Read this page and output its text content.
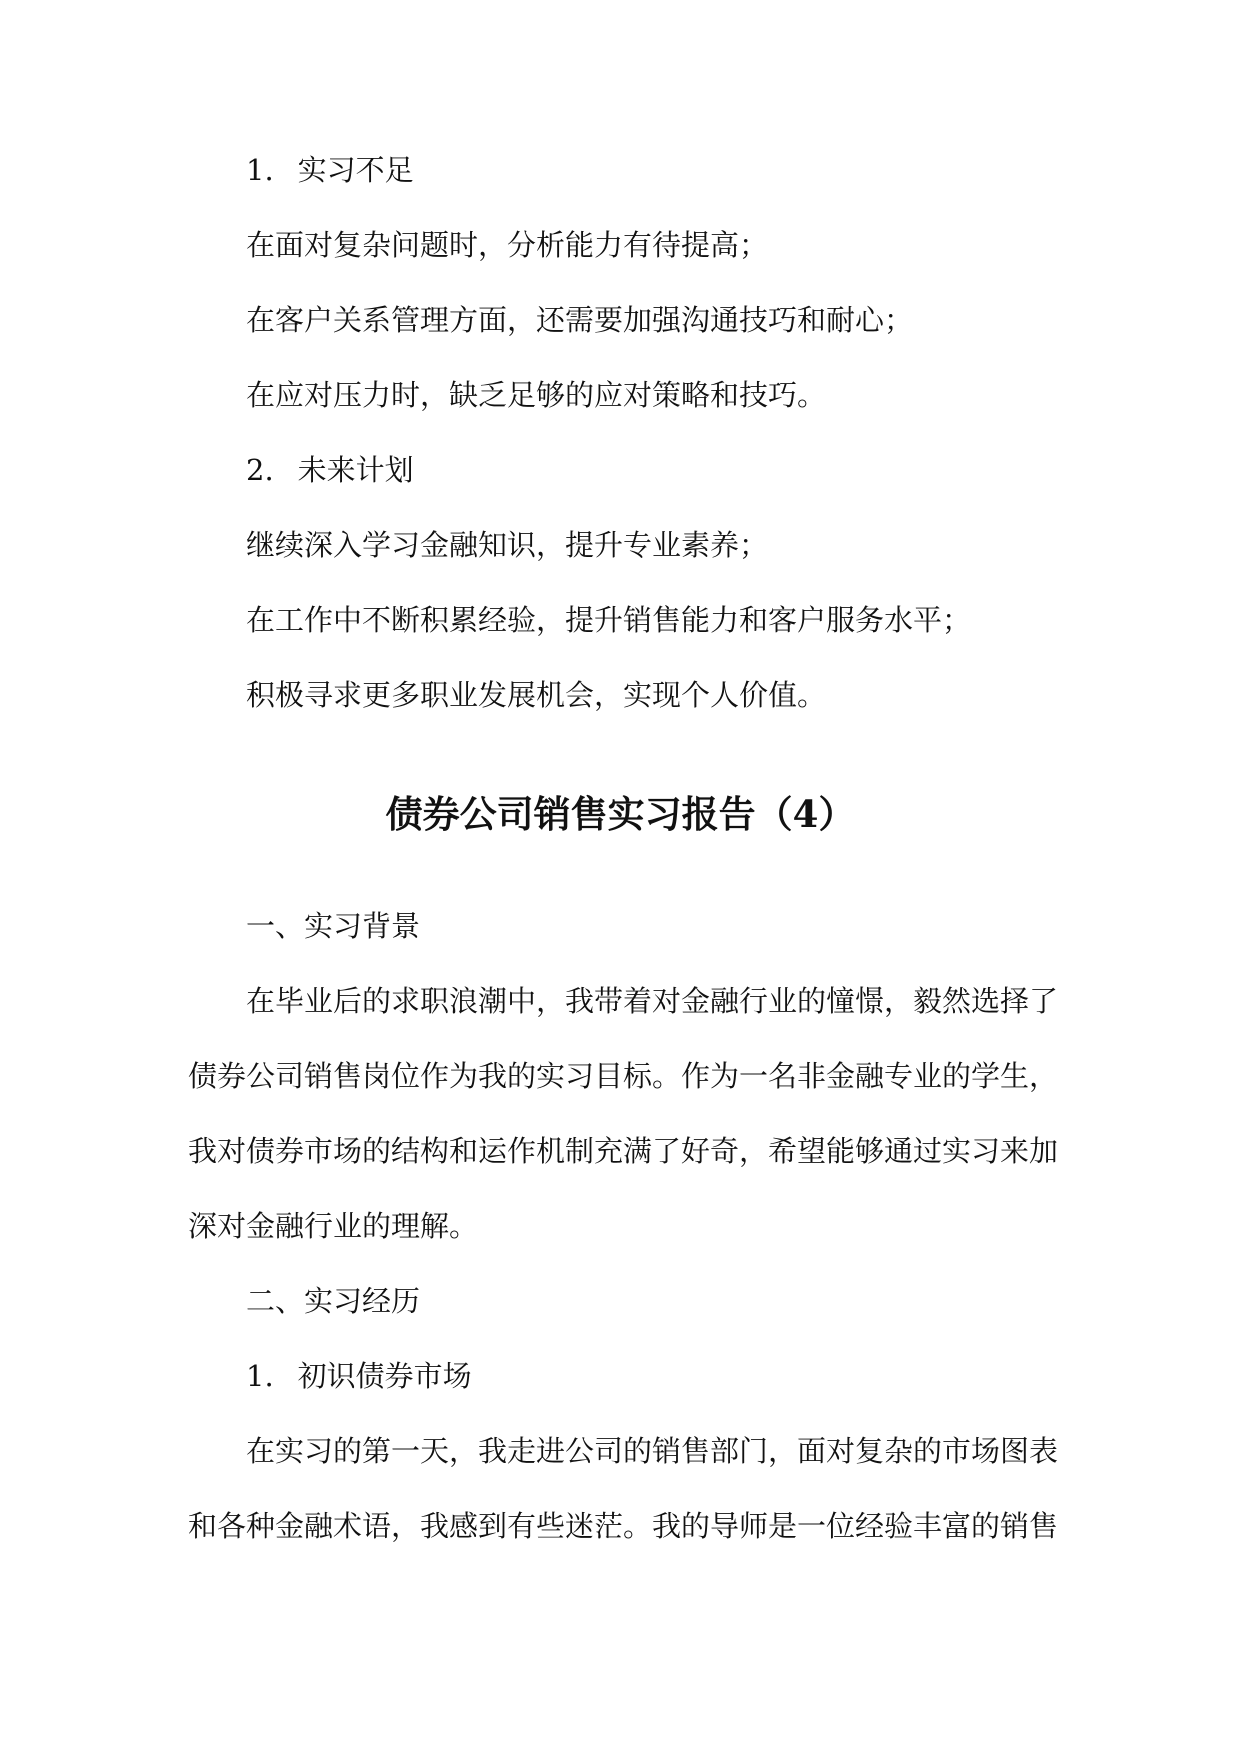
1. 实习不足
在面对复杂问题时，分析能力有待提高；
在客户关系管理方面，还需要加强沟通技巧和耐心；
在应对压力时，缺乏足够的应对策略和技巧。
2. 未来计划
继续深入学习金融知识，提升专业素养；
在工作中不断积累经验，提升销售能力和客户服务水平；
积极寻求更多职业发展机会，实现个人价值。
债券公司销售实习报告（4）
一、实习背景
在毕业后的求职浪潮中，我带着对金融行业的憧憬，毅然选择了
债券公司销售岗位作为我的实习目标。作为一名非金融专业的学生，
我对债券市场的结构和运作机制充满了好奇，希望能够通过实习来加
深对金融行业的理解。
二、实习经历
1. 初识债券市场
在实习的第一天，我走进公司的销售部门，面对复杂的市场图表
和各种金融术语，我感到有些迷茫。我的导师是一位经验丰富的销售
